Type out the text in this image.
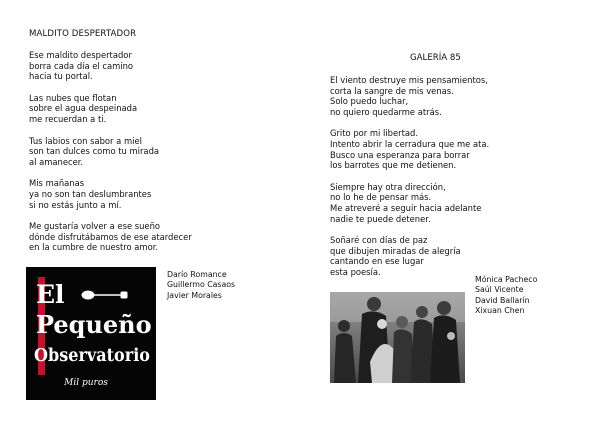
MALDITO DESPERTADOR
Ese maldito despertador
borra cada día el camino
hacia tu portal.
Las nubes que flotan
sobre el agua despeinada
me recuerdan a ti.
Tus labios con sabor a miel
son tan dulces como tu mirada
al amanecer.
Mis mañanas
ya no son tan deslumbrantes
si no estás junto a mí.
Me gustaría volver a ese sueño
dónde disfrutábamos de ese atardecer
en la cumbre de nuestro amor.
El
Pequeño
Observatorio
Mil puros
Darío Romance
Guillermo Casaos
Javier Morales
GALERÍA 85
El viento destruye mis pensamientos,
corta la sangre de mis venas.
Solo puedo luchar,
no quiero quedarme atrás.
Grito por mi libertad.
Intento abrir la cerradura que me ata.
Busco una esperanza para borrar
los barrotes que me detienen.
Siempre hay otra dirección,
no lo he de pensar más.
Me atreveré a seguir hacia adelante
nadie te puede detener.
Soñaré con días de paz
que dibujen miradas de alegría
cantando en ese lugar
esta poesía.
Mónica Pacheco
Saúl Vicente
David Ballarín
Xixuan Chen
